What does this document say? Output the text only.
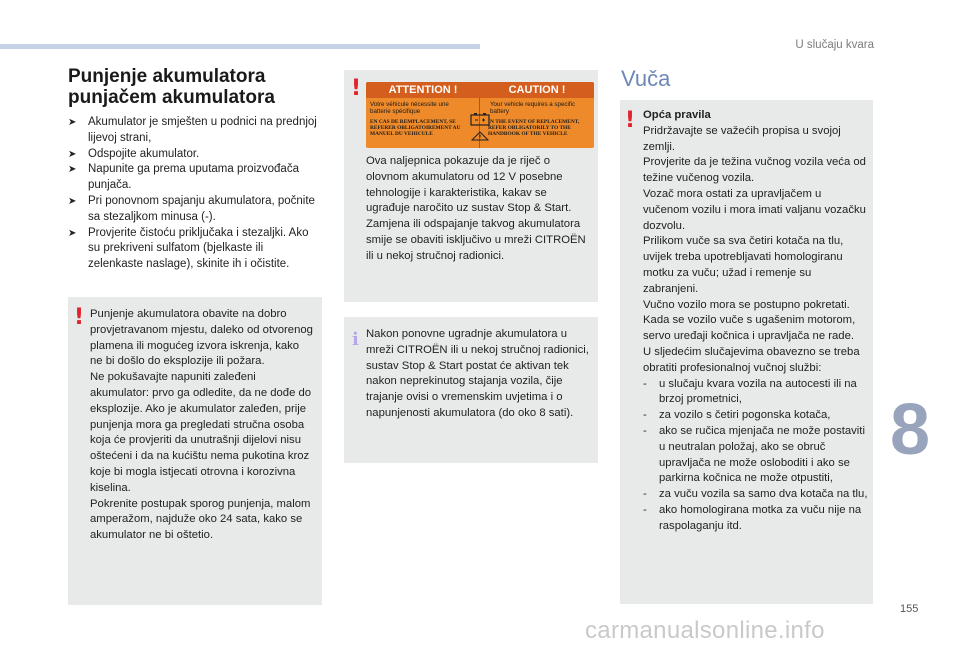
U slučaju kvara
8
155
carmanualsonline.info
Punjenje akumulatora
punjačem akumulatora
➤ Akumulator je smješten u podnici na prednjoj lijevoj strani,
➤ Odspojite akumulator.
➤ Napunite ga prema uputama proizvođača punjača.
➤ Pri ponovnom spajanju akumulatora, počnite sa stezaljkom minusa (-).
➤ Provjerite čistoću priključaka i stezaljki. Ako su prekriveni sulfatom (bjelkaste ili zelenkaste naslage), skinite ih i očistite.
! Punjenje akumulatora obavite na dobro provjetravanom mjestu, daleko od otvorenog plamena ili mogućeg izvora iskrenja, kako ne bi došlo do eksplozije ili požara.

Ne pokušavajte napuniti zaleđeni akumulator: prvo ga odledite, da ne dođe do eksplozije. Ako je akumulator zaleđen, prije punjenja mora ga pregledati stručna osoba koja će provjeriti da unutrašnji dijelovi nisu oštećeni i da na kućištu nema pukotina kroz koje bi mogla istjecati otrovna i korozivna kiselina.

Pokrenite postupak sporog punjenja, malom amperažom, najduže oko 24 sata, kako se akumulator ne bi oštetio.

!

Ova naljepnica pokazuje da je riječ o olovnom akumulatoru od 12 V posebne tehnologije i karakteristika, kakav se ugrađuje naročito uz sustav Stop & Start. Zamjena ili odspajanje takvog akumulatora smije se obaviti isključivo u mreži CITROËN ili u nekoj stručnoj radionici.

ATTENTION !
Votre véhicule nécessite une batterie spécifique
EN CAS DE REMPLACEMENT, SE REFERER OBLIGATOIREMENT AU MANUEL DU VEHICULE
CAUTION !
Your vehicle requires a specific battery
IN THE EVENT OF REPLACEMENT, REFER OBLIGATORILY TO THE HANDBOOK OF THE VEHICLE
i Nakon ponovne ugradnje akumulatora u mreži CITROËN ili u nekoj stručnoj radionici, sustav Stop & Start postat će aktivan tek nakon neprekinutog stajanja vozila, čije trajanje ovisi o vremenskim uvjetima i o napunjenosti akumulatora (do oko 8 sati).

Vuča
! Opća pravila

Pridržavajte se važećih propisa u svojoj zemlji.

Provjerite da je težina vučnog vozila veća od težine vučenog vozila.

Vozač mora ostati za upravljačem u vučenom vozilu i mora imati valjanu vozačku dozvolu.

Prilikom vuče sa sva četiri kotača na tlu, uvijek treba upotrebljavati homologiranu motku za vuču; užad i remenje su zabranjeni.

Vučno vozilo mora se postupno pokretati.

Kada se vozilo vuče s ugašenim motorom, servo uređaji kočnica i upravljača ne rade.

U sljedećim slučajevima obavezno se treba obratiti profesionalnoj vučnoj službi:

- u slučaju kvara vozila na autocesti ili na brzoj prometnici,
- za vozilo s četiri pogonska kotača,
- ako se ručica mjenjača ne može postaviti u neutralan položaj, ako se obruč upravljača ne može osloboditi i ako se parkirna kočnica ne može otpustiti,
- za vuču vozila sa samo dva kotača na tlu,
- ako homologirana motka za vuču nije na raspolaganju itd.
